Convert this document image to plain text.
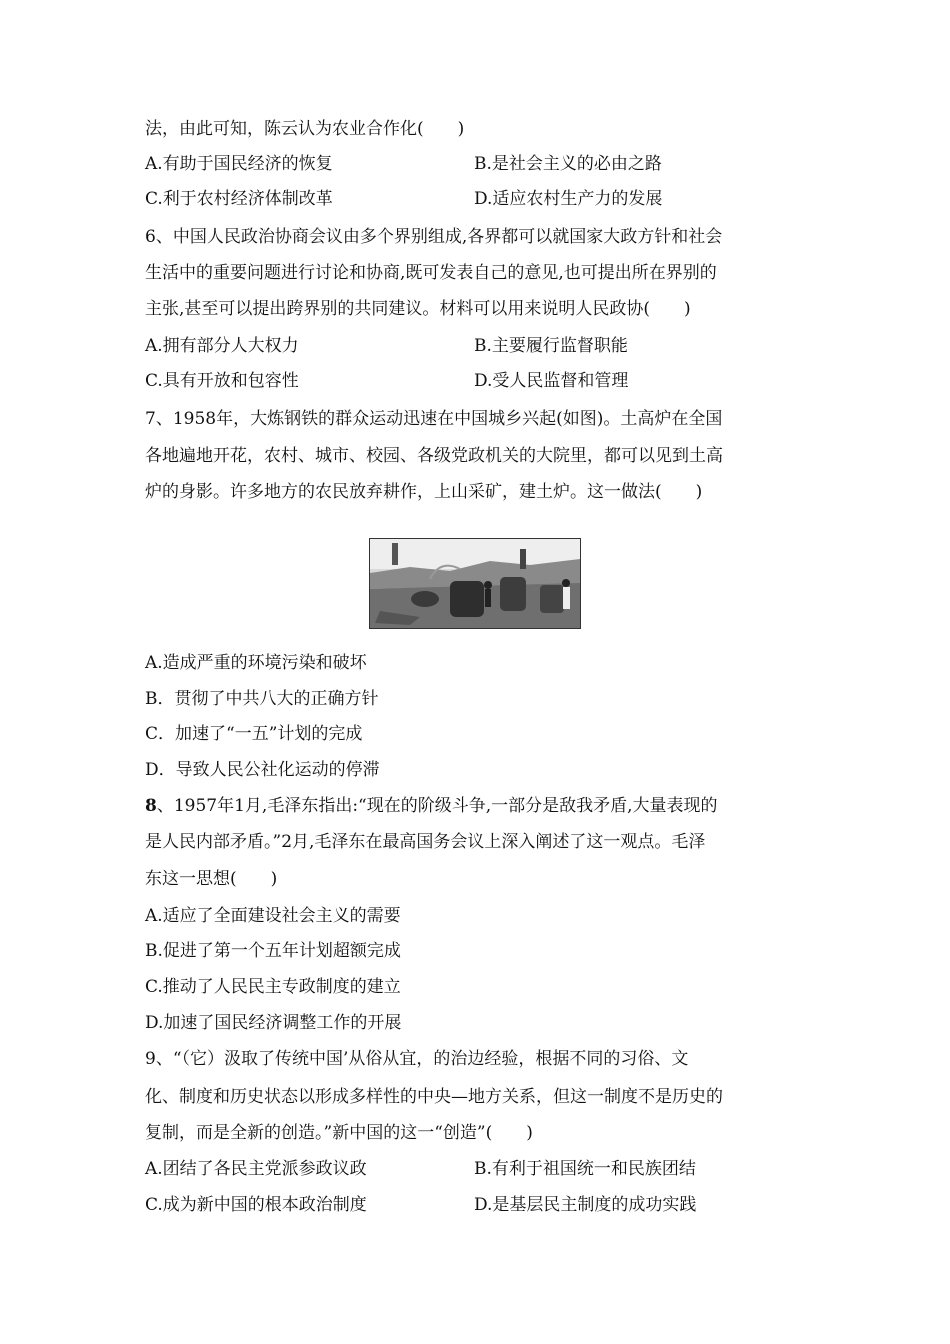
法，由此可知，陈云认为农业合作化(　　)
A.有助于国民经济的恢复	B.是社会主义的必由之路
C.利于农村经济体制改革	D.适应农村生产力的发展
6、中国人民政治协商会议由多个界别组成,各界都可以就国家大政方针和社会
生活中的重要问题进行讨论和协商,既可发表自己的意见,也可提出所在界别的
主张,甚至可以提出跨界别的共同建议。材料可以用来说明人民政协(　　)
A.拥有部分人大权力	B.主要履行监督职能
C.具有开放和包容性	D.受人民监督和管理
7、1958年，大炼钢铁的群众运动迅速在中国城乡兴起(如图)。土高炉在全国
各地遍地开花，农村、城市、校园、各级党政机关的大院里，都可以见到土高
炉的身影。许多地方的农民放弃耕作，上山采矿，建土炉。这一做法(　　)
A.造成严重的环境污染和破坏
B．贯彻了中共八大的正确方针
C．加速了“一五”计划的完成
D．导致人民公社化运动的停滞
8、1957年1月,毛泽东指出:“现在的阶级斗争,一部分是敌我矛盾,大量表现的
是人民内部矛盾。”2月,毛泽东在最高国务会议上深入阐述了这一观点。毛泽
东这一思想(　　)
A.适应了全面建设社会主义的需要
B.促进了第一个五年计划超额完成
C.推动了人民民主专政制度的建立
D.加速了国民经济调整工作的开展
9、“（它）汲取了传统中国’从俗从宜，的治边经验，根据不同的习俗、文
化、制度和历史状态以形成多样性的中央—地方关系，但这一制度不是历史的
复制，而是全新的创造。”新中国的这一“创造”(　　)
A.团结了各民主党派参政议政	B.有利于祖国统一和民族团结
C.成为新中国的根本政治制度	D.是基层民主制度的成功实践
